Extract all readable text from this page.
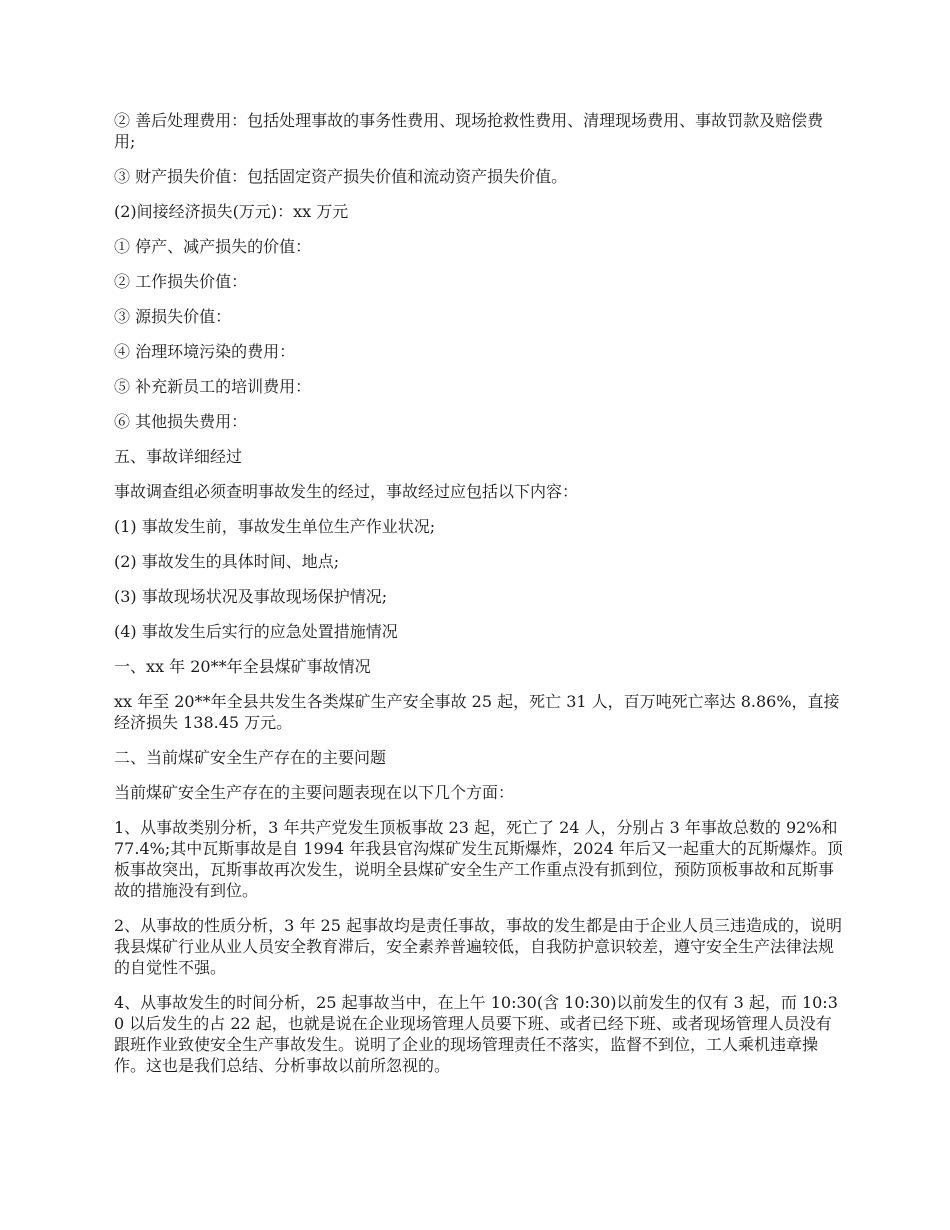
② 善后处理费用：包括处理事故的事务性费用、现场抢救性费用、清理现场费用、事故罚款及赔偿费用;

③ 财产损失价值：包括固定资产损失价值和流动资产损失价值。

(2)间接经济损失(万元)：xx 万元

① 停产、减产损失的价值：

② 工作损失价值：

③ 源损失价值：

④ 治理环境污染的费用：

⑤ 补充新员工的培训费用：

⑥ 其他损失费用：

五、事故详细经过

事故调查组必须查明事故发生的经过，事故经过应包括以下内容：

(1) 事故发生前，事故发生单位生产作业状况;

(2) 事故发生的具体时间、地点;

(3) 事故现场状况及事故现场保护情况;

(4) 事故发生后实行的应急处置措施情况

一、xx 年 20**年全县煤矿事故情况

xx 年至 20**年全县共发生各类煤矿生产安全事故 25 起，死亡 31 人，百万吨死亡率达 8.86%，直接经济损失 138.45 万元。

二、当前煤矿安全生产存在的主要问题

当前煤矿安全生产存在的主要问题表现在以下几个方面：

1、从事故类别分析，3 年共产党发生顶板事故 23 起，死亡了 24 人，分别占 3 年事故总数的 92%和 77.4%;其中瓦斯事故是自 1994 年我县官沟煤矿发生瓦斯爆炸，2024 年后又一起重大的瓦斯爆炸。顶板事故突出，瓦斯事故再次发生，说明全县煤矿安全生产工作重点没有抓到位，预防顶板事故和瓦斯事故的措施没有到位。

2、从事故的性质分析，3 年 25 起事故均是责任事故，事故的发生都是由于企业人员三违造成的，说明我县煤矿行业从业人员安全教育滞后，安全素养普遍较低，自我防护意识较差，遵守安全生产法律法规的自觉性不强。

4、从事故发生的时间分析，25 起事故当中，在上午 10:30(含 10:30)以前发生的仅有 3 起，而 10:30 以后发生的占 22 起，也就是说在企业现场管理人员要下班、或者已经下班、或者现场管理人员没有跟班作业致使安全生产事故发生。说明了企业的现场管理责任不落实，监督不到位，工人乘机违章操作。这也是我们总结、分析事故以前所忽视的。
